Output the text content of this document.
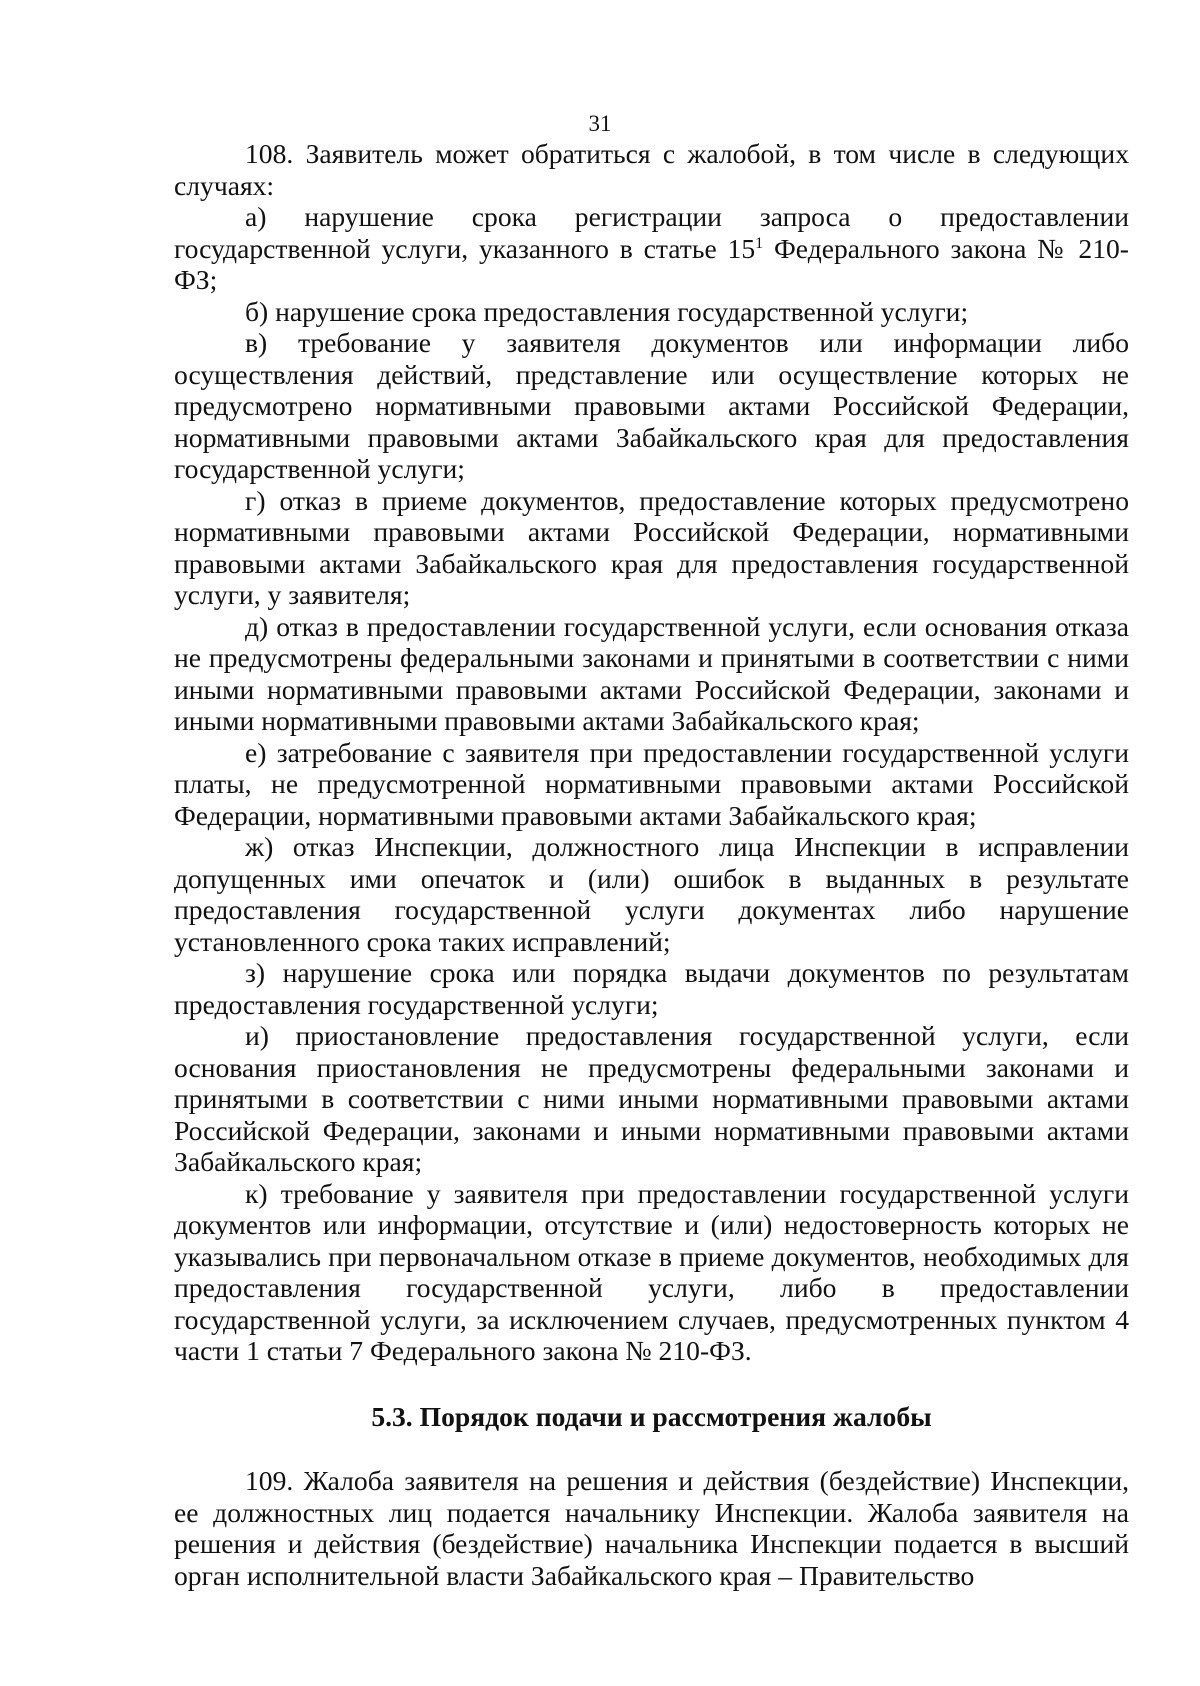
31

108. Заявитель может обратиться с жалобой, в том числе в следующих случаях:

а) нарушение срока регистрации запроса о предоставлении государственной услуги, указанного в статье $15^1$ Федерального закона № 210-ФЗ;

б) нарушение срока предоставления государственной услуги;

в) требование у заявителя документов или информации либо осуществления действий, представление или осуществление которых не предусмотрено нормативными правовыми актами Российской Федерации, нормативными правовыми актами Забайкальского края для предоставления государственной услуги;

г) отказ в приеме документов, предоставление которых предусмотрено нормативными правовыми актами Российской Федерации, нормативными правовыми актами Забайкальского края для предоставления государственной услуги, у заявителя;

д) отказ в предоставлении государственной услуги, если основания отказа не предусмотрены федеральными законами и принятыми в соответствии с ними иными нормативными правовыми актами Российской Федерации, законами и иными нормативными правовыми актами Забайкальского края;

е) затребование с заявителя при предоставлении государственной услуги платы, не предусмотренной нормативными правовыми актами Российской Федерации, нормативными правовыми актами Забайкальского края;

ж) отказ Инспекции, должностного лица Инспекции в исправлении допущенных ими опечаток и (или) ошибок в выданных в результате предоставления государственной услуги документах либо нарушение установленного срока таких исправлений;

з) нарушение срока или порядка выдачи документов по результатам предоставления государственной услуги;

и) приостановление предоставления государственной услуги, если основания приостановления не предусмотрены федеральными законами и принятыми в соответствии с ними иными нормативными правовыми актами Российской Федерации, законами и иными нормативными правовыми актами Забайкальского края;

к) требование у заявителя при предоставлении государственной услуги документов или информации, отсутствие и (или) недостоверность которых не указывались при первоначальном отказе в приеме документов, необходимых для предоставления государственной услуги, либо в предоставлении государственной услуги, за исключением случаев, предусмотренных пунктом 4 части 1 статьи 7 Федерального закона № 210-ФЗ.

5.3. Порядок подачи и рассмотрения жалобы

109. Жалоба заявителя на решения и действия (бездействие) Инспекции, ее должностных лиц подается начальнику Инспекции. Жалоба заявителя на решения и действия (бездействие) начальника Инспекции подается в высший орган исполнительной власти Забайкальского края – Правительство
